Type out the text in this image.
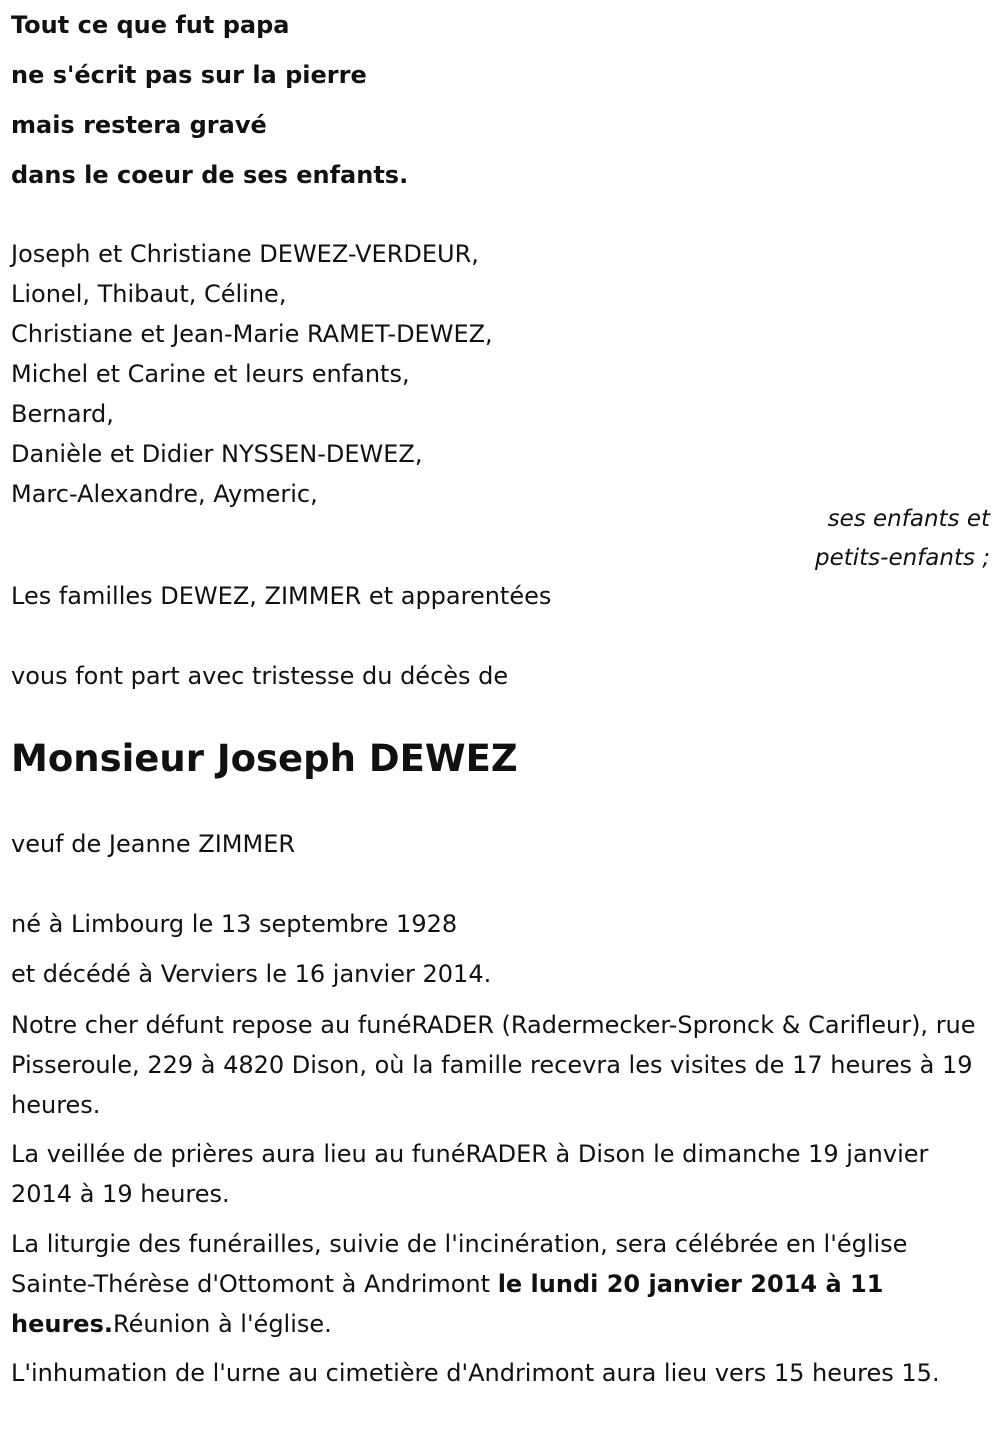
Tout ce que fut papa
ne s'écrit pas sur la pierre
mais restera gravé
dans le coeur de ses enfants.
Joseph et Christiane DEWEZ-VERDEUR,
Lionel, Thibaut, Céline,
Christiane et Jean-Marie RAMET-DEWEZ,
Michel et Carine et leurs enfants,
Bernard,
Danièle et Didier NYSSEN-DEWEZ,
Marc-Alexandre, Aymeric,
ses enfants et
petits-enfants ;
Les familles DEWEZ, ZIMMER et apparentées
vous font part avec tristesse du décès de
Monsieur Joseph DEWEZ
veuf de Jeanne ZIMMER
né à Limbourg le 13 septembre 1928
et décédé à Verviers le 16 janvier 2014.
Notre cher défunt repose au funéRADER (Radermecker-Spronck & Carifleur), rue Pisseroule, 229 à 4820 Dison, où la famille recevra les visites de 17 heures à 19 heures.
La veillée de prières aura lieu au funéRADER à Dison le dimanche 19 janvier 2014 à 19 heures.
La liturgie des funérailles, suivie de l'incinération, sera célébrée en l'église Sainte-Thérèse d'Ottomont à Andrimont le lundi 20 janvier 2014 à 11 heures.Réunion à l'église.
L'inhumation de l'urne au cimetière d'Andrimont aura lieu vers 15 heures 15.
